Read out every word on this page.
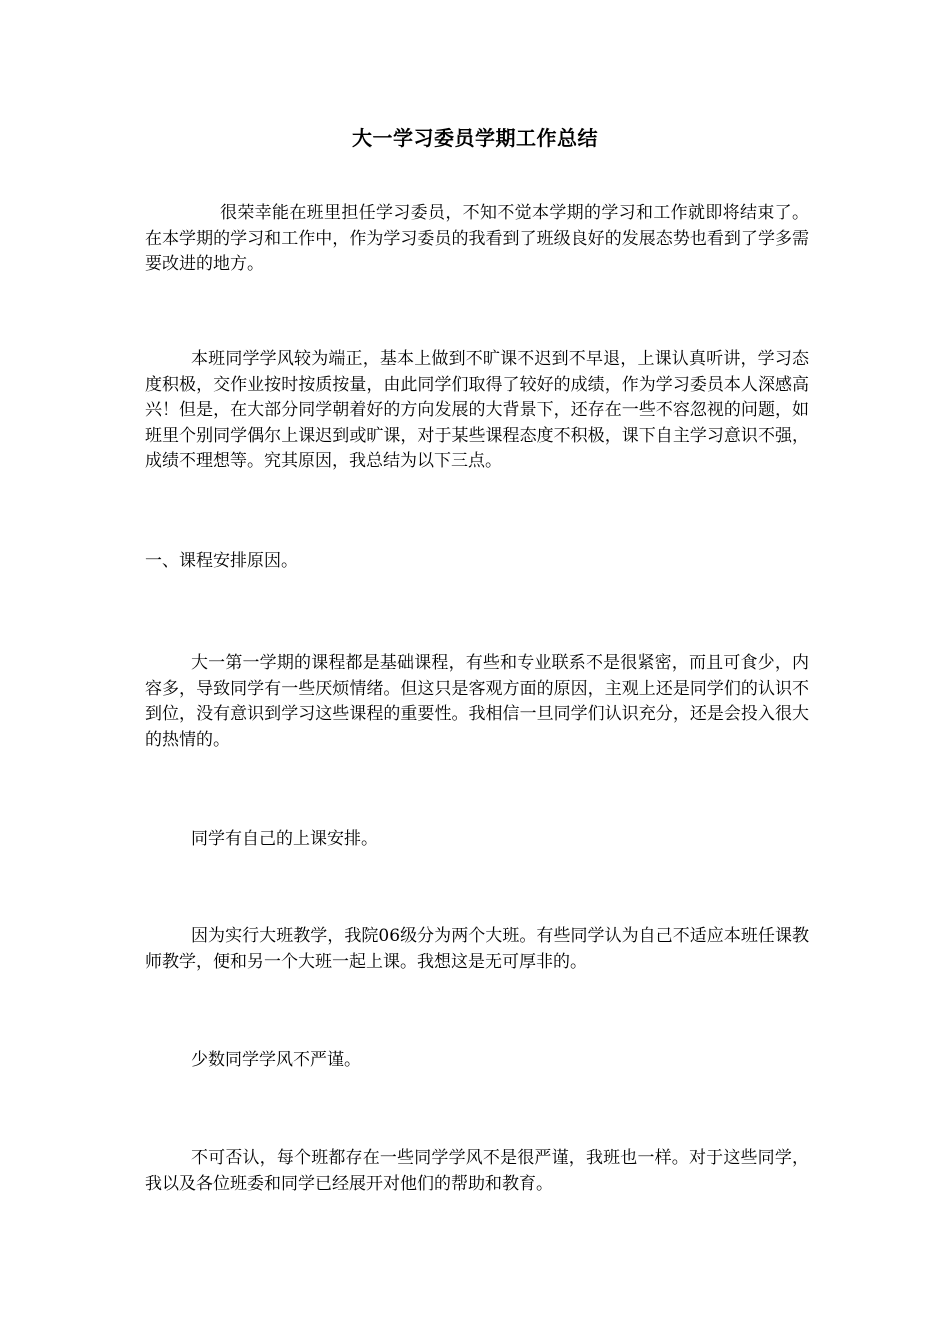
大一学习委员学期工作总结

很荣幸能在班里担任学习委员，不知不觉本学期的学习和工作就即将结束了。在本学期的学习和工作中，作为学习委员的我看到了班级良好的发展态势也看到了学多需要改进的地方。

本班同学学风较为端正，基本上做到不旷课不迟到不早退，上课认真听讲，学习态度积极，交作业按时按质按量，由此同学们取得了较好的成绩，作为学习委员本人深感高兴！但是，在大部分同学朝着好的方向发展的大背景下，还存在一些不容忽视的问题，如班里个别同学偶尔上课迟到或旷课，对于某些课程态度不积极，课下自主学习意识不强，成绩不理想等。究其原因，我总结为以下三点。

一、课程安排原因。

大一第一学期的课程都是基础课程，有些和专业联系不是很紧密，而且可食少，内容多，导致同学有一些厌烦情绪。但这只是客观方面的原因，主观上还是同学们的认识不到位，没有意识到学习这些课程的重要性。我相信一旦同学们认识充分，还是会投入很大的热情的。

同学有自己的上课安排。

因为实行大班教学，我院06级分为两个大班。有些同学认为自己不适应本班任课教师教学，便和另一个大班一起上课。我想这是无可厚非的。

少数同学学风不严谨。

不可否认，每个班都存在一些同学学风不是很严谨，我班也一样。对于这些同学，我以及各位班委和同学已经展开对他们的帮助和教育。
